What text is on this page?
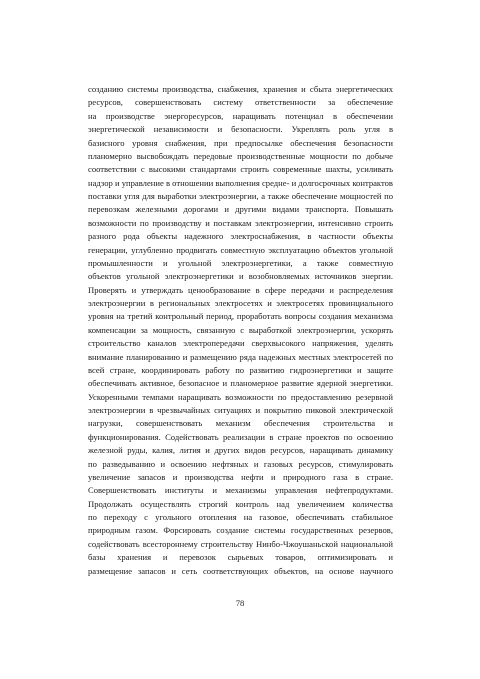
созданию системы производства, снабжения, хранения и сбыта энергетических
ресурсов, совершенствовать систему ответственности за обеспечение
на производстве энергоресурсов, наращивать потенциал в обеспечении
энергетической независимости и безопасности. Укреплять роль угля в
базисного уровня снабжения, при предпосылке обеспечения безопасности
планомерно высвобождать передовые производственные мощности по добыче
соответствии с высокими стандартами строить современные шахты, усиливать
надзор и управление в отношении выполнения средне- и долгосрочных контрактов
поставки угля для выработки электроэнергии, а также обеспечение мощностей по
перевозкам железными дорогами и другими видами транспорта. Повышать
возможности по производству и поставкам электроэнергии, интенсивно строить
разного рода объекты надежного электроснабжения, в частности объекты
генерации, углубленно продвигать совместную эксплуатацию объектов угольной
промышленности и угольной электроэнергетики, а также совместную
объектов угольной электроэнергетики и возобновляемых источников энергии.
Проверять и утверждать ценообразование в сфере передачи и распределения
электроэнергии в региональных электросетях и электросетях провинциального
уровня на третий контрольный период, проработать вопросы создания механизма
компенсации за мощность, связанную с выработкой электроэнергии, ускорять
строительство каналов электропередачи сверхвысокого напряжения, уделять
внимание планированию и размещению ряда надежных местных электросетей по
всей стране, координировать работу по развитию гидроэнергетики и защите
обеспечивать активное, безопасное и планомерное развитие ядерной энергетики.
Ускоренными темпами наращивать возможности по предоставлению резервной
электроэнергии в чрезвычайных ситуациях и покрытию пиковой электрической
нагрузки, совершенствовать механизм обеспечения строительства и
функционирования. Содействовать реализации в стране проектов по освоению
железной руды, калия, лития и других видов ресурсов, наращивать динамику
по разведыванию и освоению нефтяных и газовых ресурсов, стимулировать
увеличение запасов и производства нефти и природного газа в стране.
Совершенствовать институты и механизмы управления нефтепродуктами.
Продолжать осуществлять строгий контроль над увеличением количества
по переходу с угольного отопления на газовое, обеспечивать стабильное
природным газом. Форсировать создание системы государственных резервов,
содействовать всестороннему строительству Нинбо-Чжоушаньской национальной
базы хранения и перевозок сырьевых товаров, оптимизировать и
размещение запасов и сеть соответствующих объектов, на основе научного
78
